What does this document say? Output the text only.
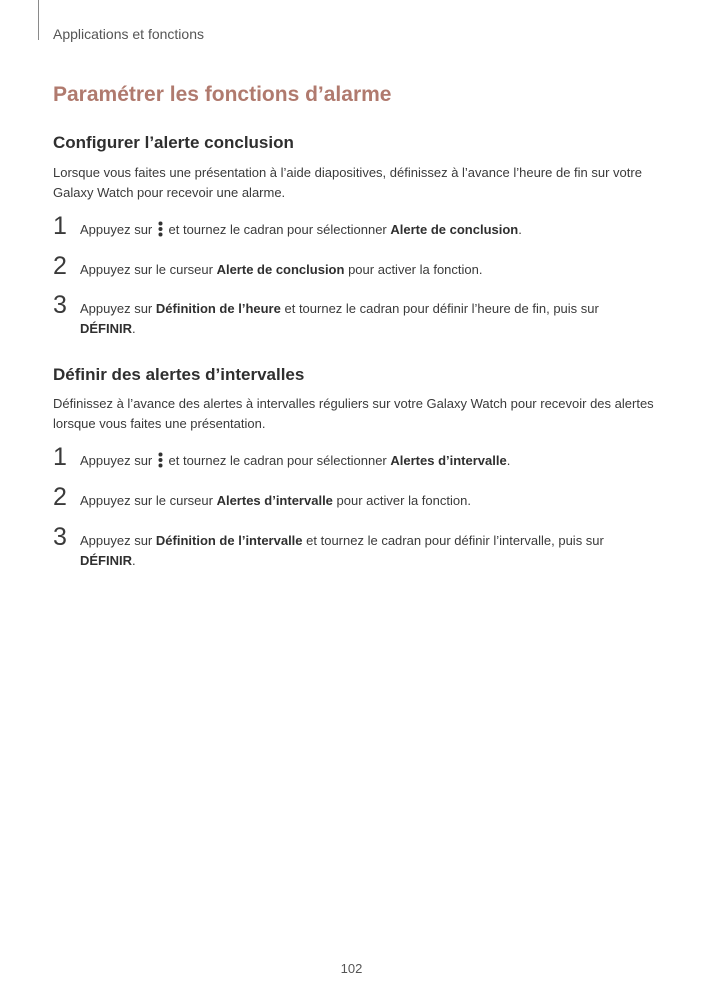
Applications et fonctions
Paramétrer les fonctions d’alarme
Configurer l’alerte conclusion

Lorsque vous faites une présentation à l’aide diapositives, définissez à l’avance l’heure de fin sur votre Galaxy Watch pour recevoir une alarme.

1 Appuyez sur et tournez le cadran pour sélectionner Alerte de conclusion.
2 Appuyez sur le curseur Alerte de conclusion pour activer la fonction.
3 Appuyez sur Définition de l’heure et tournez le cadran pour définir l’heure de fin, puis sur
DÉFINIR.
Définir des alertes d’intervalles

Définissez à l’avance des alertes à intervalles réguliers sur votre Galaxy Watch pour recevoir des alertes lorsque vous faites une présentation.

1 Appuyez sur et tournez le cadran pour sélectionner Alertes d’intervalle.
2 Appuyez sur le curseur Alertes d’intervalle pour activer la fonction.
3 Appuyez sur Définition de l’intervalle et tournez le cadran pour définir l’intervalle, puis sur
DÉFINIR.
102
